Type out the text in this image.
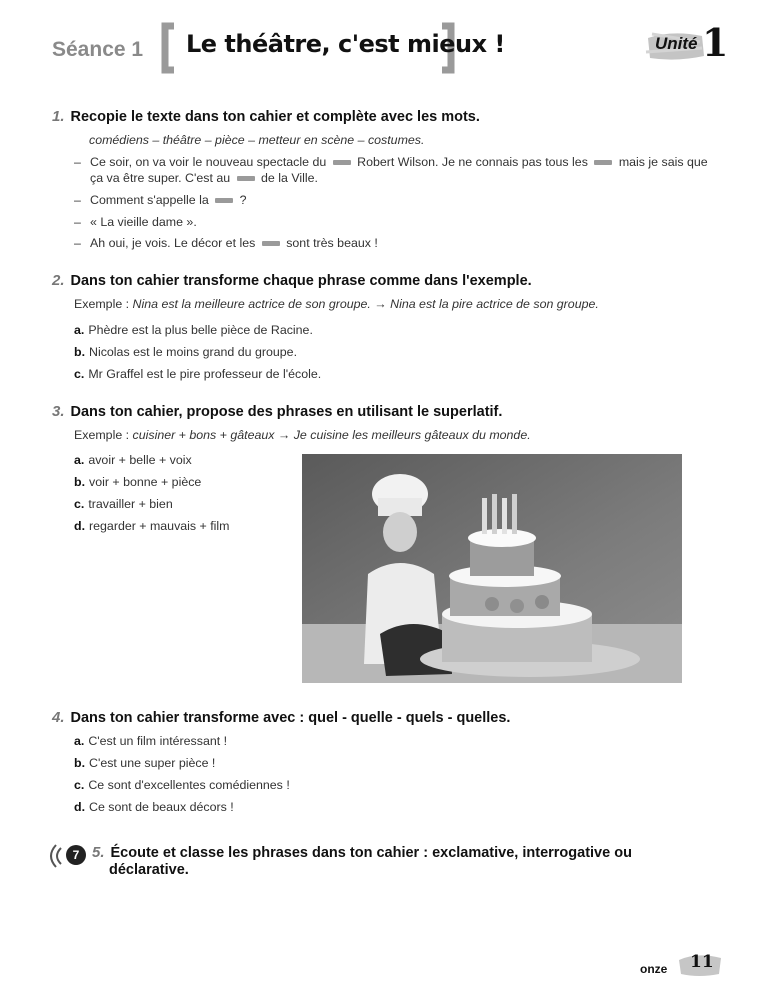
Séance 1 Le théâtre, c'est mieux !	Unité 1
1. Recopie le texte dans ton cahier et complète avec les mots.
comédiens – théâtre – pièce – metteur en scène – costumes.
– Ce soir, on va voir le nouveau spectacle du Robert Wilson. Je ne connais pas tous les mais je sais que
ça va être super. C'est au de la Ville.
– Comment s'appelle la ?
– « La vieille dame ».
– Ah oui, je vois. Le décor et les sont très beaux !
2. Dans ton cahier transforme chaque phrase comme dans l'exemple.
Exemple : Nina est la meilleure actrice de son groupe. → Nina est la pire actrice de son groupe.
a. Phèdre est la plus belle pièce de Racine.
b. Nicolas est le moins grand du groupe.
c. Mr Graffel est le pire professeur de l'école.
3. Dans ton cahier, propose des phrases en utilisant le superlatif.
Exemple : cuisiner + bons + gâteaux → Je cuisine les meilleurs gâteaux du monde.
a. avoir + belle + voix
b. voir + bonne + pièce
c. travailler + bien
d. regarder + mauvais + film
4. Dans ton cahier transforme avec : quel - quelle - quels - quelles.
a. C'est un film intéressant !
b. C'est une super pièce !
c. Ce sont d'excellentes comédiennes !
d. Ce sont de beaux décors !
7 5. Écoute et classe les phrases dans ton cahier : exclamative, interrogative ou
déclarative.
onze 11
